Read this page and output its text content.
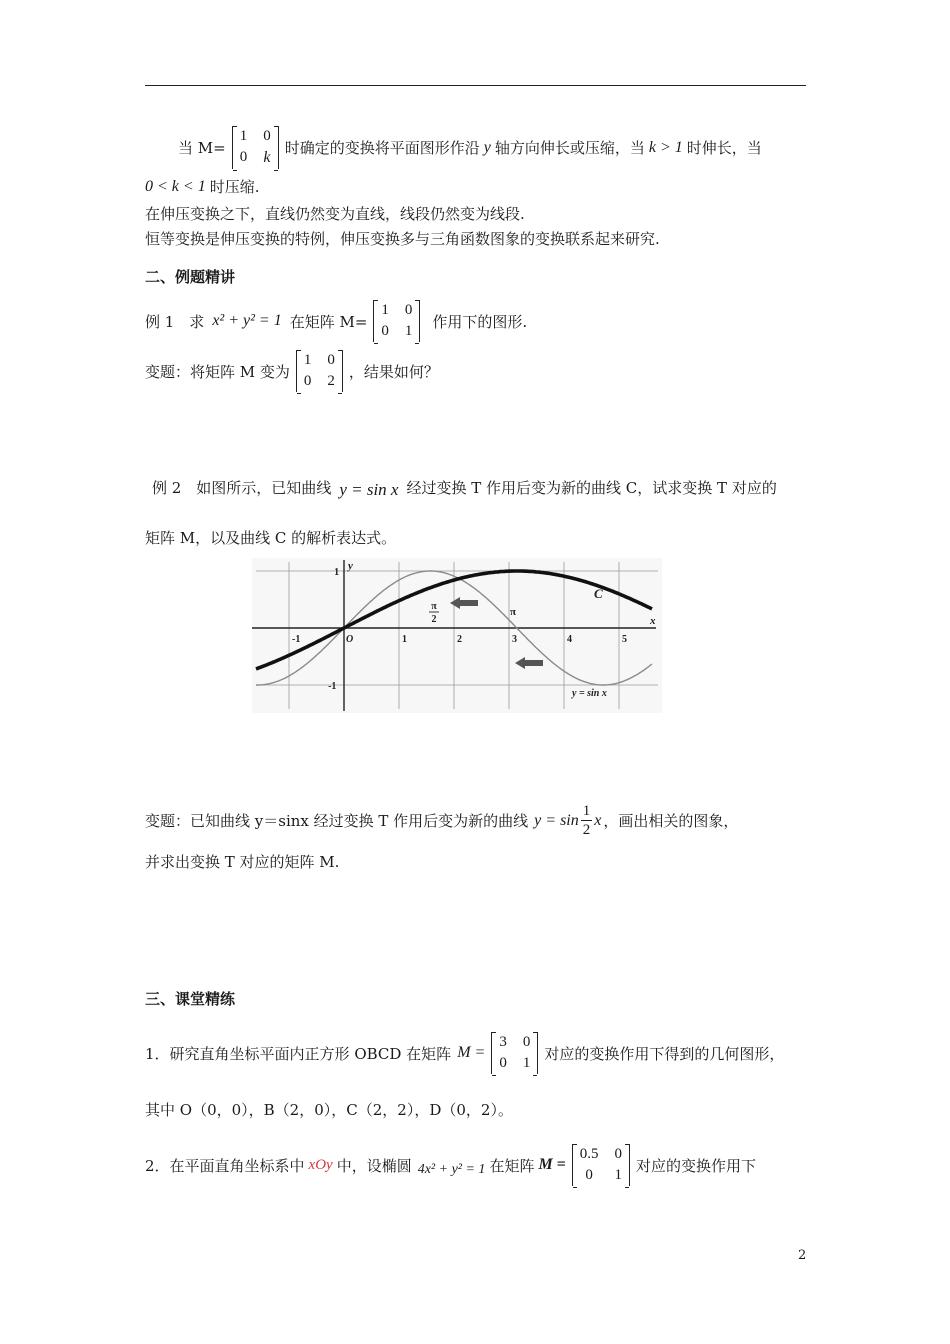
当 M=
1 0
0 k
时确定的变换将平面图形作沿 y 轴方向伸长或压缩，当 k > 1 时伸长，当
0 < k < 1 时压缩.
在伸压变换之下，直线仍然变为直线，线段仍然变为线段.
恒等变换是伸压变换的特例，伸压变换多与三角函数图象的变换联系起来研究.
二、例题精讲
例 1　求 x² + y² = 1 在矩阵 M=
1 0
0 1
作用下的图形.
变题：将矩阵 M 变为
1 0
0 2
，结果如何？
例 2　如图所示，已知曲线 y = sin x 经过变换 T 作用后变为新的曲线 C，试求变换 T 对应的
矩阵 M，以及曲线 C 的解析表达式。
-1	1	2	3	4	5
1
-1
x
y
O
π
2
π
C
y = sin x
变题：已知曲线 y＝sinx 经过变换 T 作用后变为新的曲线 $y = \sin \frac{1}{2}$ x ，画出相关的图象，
并求出变换 T 对应的矩阵 M.
三、课堂精练
1．研究直角坐标平面内正方形 OBCD 在矩阵 M =
3 0
0 1
对应的变换作用下得到的几何图形，
其中 O（0，0），B（2，0），C（2，2），D（0，2）。
2．在平面直角坐标系中 xOy 中，设椭圆 4x² + y² = 1 在矩阵 M =
0.5 0
0	1
对应的变换作用下
2
